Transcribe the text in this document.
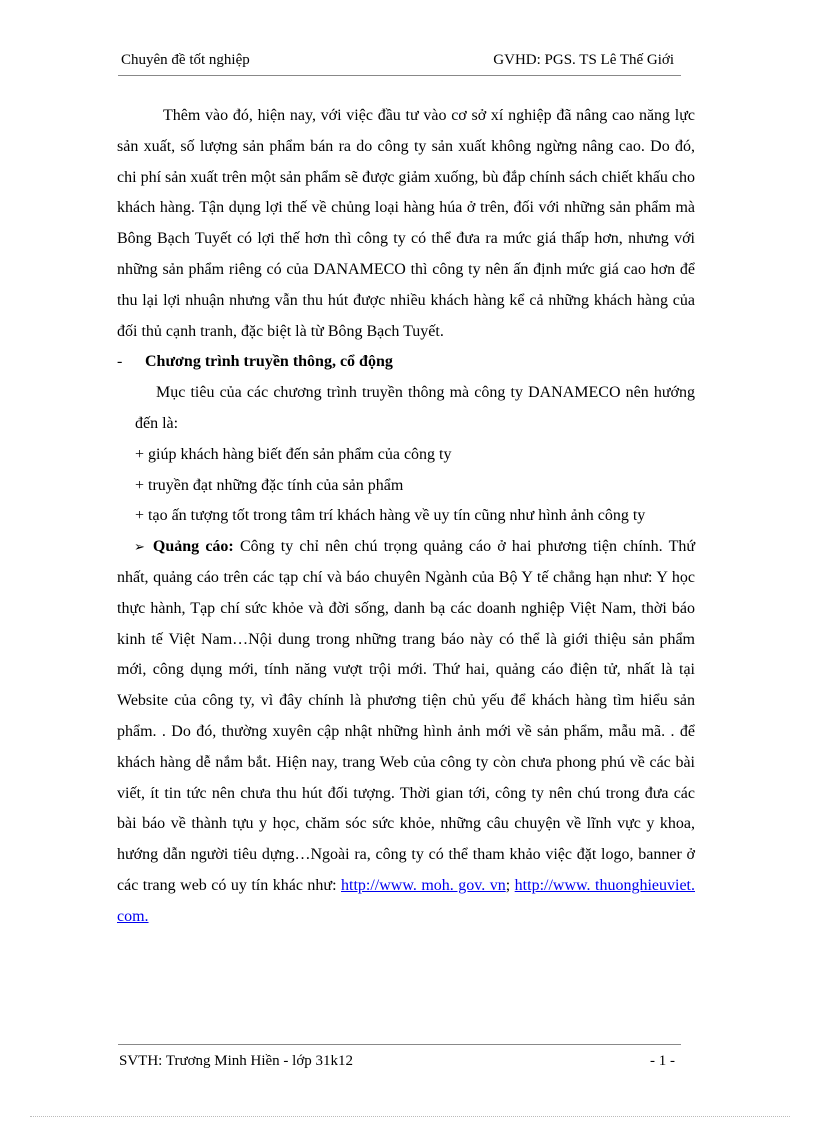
Chuyên đề tốt nghiệp	GVHD: PGS. TS Lê Thế Giới

Thêm vào đó, hiện nay, với việc đầu tư vào cơ sở xí nghiệp đã nâng cao năng lực sản xuất, số lượng sản phẩm bán ra do công ty sản xuất không ngừng nâng cao. Do đó, chi phí sản xuất trên một sản phẩm sẽ được giảm xuống, bù đắp chính sách chiết khấu cho khách hàng. Tận dụng lợi thế về chủng loại hàng húa ở trên, đối với những sản phẩm mà Bông Bạch Tuyết có lợi thế hơn thì công ty có thể đưa ra mức giá thấp hơn, nhưng với những sản phẩm riêng có của DANAMECO thì công ty nên ấn định mức giá cao hơn để thu lại lợi nhuận nhưng vẫn thu hút được nhiều khách hàng kể cả những khách hàng của đối thủ cạnh tranh, đặc biệt là từ Bông Bạch Tuyết.

-	Chương trình truyền thông, cổ động

Mục tiêu của các chương trình truyền thông mà công ty DANAMECO nên hướng đến là:

+ giúp khách hàng biết đến sản phẩm của công ty
+ truyền đạt những đặc tính của sản phẩm
+ tạo ấn tượng tốt trong tâm trí khách hàng về uy tín cũng như hình ảnh công ty

➢ Quảng cáo: Công ty chỉ nên chú trọng quảng cáo ở hai phương tiện chính. Thứ nhất, quảng cáo trên các tạp chí và báo chuyên Ngành của Bộ Y tế chẳng hạn như: Y học thực hành, Tạp chí sức khỏe và đời sống, danh bạ các doanh nghiệp Việt Nam, thời báo kinh tế Việt Nam…Nội dung trong những trang báo này có thể là giới thiệu sản phẩm mới, công dụng mới, tính năng vượt trội mới. Thứ hai, quảng cáo điện tử, nhất là tại Website của công ty, vì đây chính là phương tiện chủ yếu để khách hàng tìm hiểu sản phẩm. . Do đó, thường xuyên cập nhật những hình ảnh mới về sản phẩm, mẫu mã. . để khách hàng dễ nắm bắt. Hiện nay, trang Web của công ty còn chưa phong phú về các bài viết, ít tin tức nên chưa thu hút đối tượng. Thời gian tới, công ty nên chú trong đưa các bài báo về thành tựu y học, chăm sóc sức khỏe, những câu chuyện về lĩnh vực y khoa, hướng dẫn người tiêu dựng…Ngoài ra, công ty có thể tham khảo việc đặt logo, banner ở các trang web có uy tín khác như: http://www. moh. gov. vn; http://www. thuonghieuviet. com.

SVTH: Trương Minh Hiền - lớp 31k12	- 1 -
